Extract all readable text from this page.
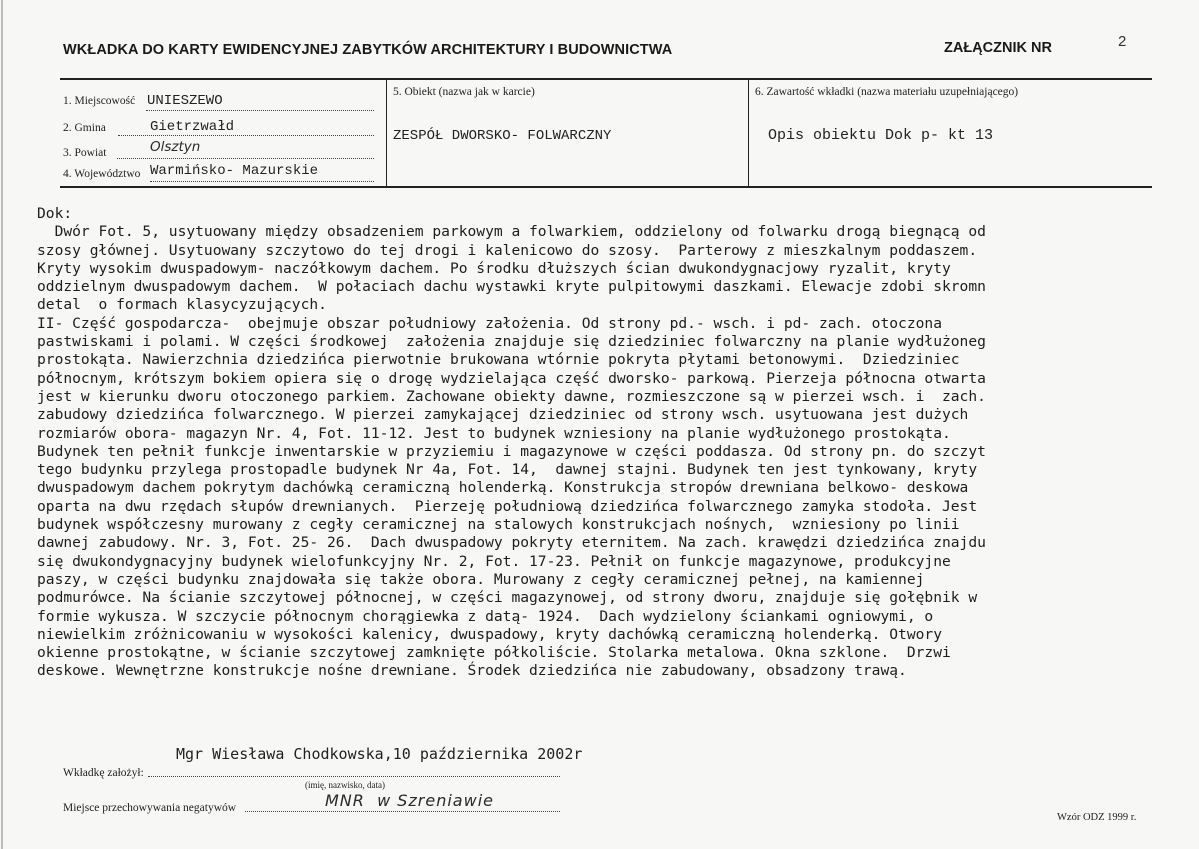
WKŁADKA DO KARTY EWIDENCYJNEJ ZABYTKÓW ARCHITEKTURY I BUDOWNICTWA	ZAŁĄCZNIK NR	2
1. Miejscowość UNIESZEWO
2. Gmina	Gietrzwałd
3. Powiat	Olsztyn
4. Województwo Warmińsko- Mazurskie
5. Obiekt (nazwa jak w karcie)
ZESPÓŁ DWORSKO- FOLWARCZNY
6. Zawartość wkładki (nazwa materiału uzupełniającego)
Opis obiektu Dok p- kt 13
Dok:
Dwór Fot. 5, usytuowany między obsadzeniem parkowym a folwarkiem, oddzielony od folwarku drogą biegnącą od
szosy głównej. Usytuowany szczytowo do tej drogi i kalenicowo do szosy.  Parterowy z mieszkalnym poddaszem.
Kryty wysokim dwuspadowym- naczółkowym dachem. Po środku dłuższych ścian dwukondygnacjowy ryzalit, kryty
oddzielnym dwuspadowym dachem.  W połaciach dachu wystawki kryte pulpitowymi daszkami. Elewacje zdobi skromn
detal  o formach klasycyzujących.
II- Część gospodarcza-  obejmuje obszar południowy założenia. Od strony pd.- wsch. i pd- zach. otoczona
pastwiskami i polami. W części środkowej  założenia znajduje się dziedziniec folwarczny na planie wydłużoneg
prostokąta. Nawierzchnia dziedzińca pierwotnie brukowana wtórnie pokryta płytami betonowymi.  Dziedziniec
północnym, krótszym bokiem opiera się o drogę wydzielająca część dworsko- parkową. Pierzeja północna otwarta
jest w kierunku dworu otoczonego parkiem. Zachowane obiekty dawne, rozmieszczone są w pierzei wsch. i  zach.
zabudowy dziedzińca folwarcznego. W pierzei zamykającej dziedziniec od strony wsch. usytuowana jest dużych
rozmiarów obora- magazyn Nr. 4, Fot. 11-12. Jest to budynek wzniesiony na planie wydłużonego prostokąta.
Budynek ten pełnił funkcje inwentarskie w przyziemiu i magazynowe w części poddasza. Od strony pn. do szczyt
tego budynku przylega prostopadle budynek Nr 4a, Fot. 14,  dawnej stajni. Budynek ten jest tynkowany, kryty
dwuspadowym dachem pokrytym dachówką ceramiczną holenderką. Konstrukcja stropów drewniana belkowo- deskowa
oparta na dwu rzędach słupów drewnianych.  Pierzeję południową dziedzińca folwarcznego zamyka stodoła. Jest
budynek współczesny murowany z cegły ceramicznej na stalowych konstrukcjach nośnych,  wzniesiony po linii
dawnej zabudowy. Nr. 3, Fot. 25- 26.  Dach dwuspadowy pokryty eternitem. Na zach. krawędzi dziedzińca znajdu
się dwukondygnacyjny budynek wielofunkcyjny Nr. 2, Fot. 17-23. Pełnił on funkcje magazynowe, produkcyjne
paszy, w części budynku znajdowała się także obora. Murowany z cegły ceramicznej pełnej, na kamiennej
podmurówce. Na ścianie szczytowej północnej, w części magazynowej, od strony dworu, znajduje się gołębnik w
formie wykusza. W szczycie północnym chorągiewka z datą- 1924.  Dach wydzielony ściankami ogniowymi, o
niewielkim zróżnicowaniu w wysokości kalenicy, dwuspadowy, kryty dachówką ceramiczną holenderką. Otwory
okienne prostokątne, w ścianie szczytowej zamknięte półkoliście. Stolarka metalowa. Okna szklone.  Drzwi
deskowe. Wewnętrzne konstrukcje nośne drewniane. Środek dziedzińca nie zabudowany, obsadzony trawą.
Mgr Wiesława Chodkowska,10 października 2002r
Wkładkę założył:
(imię, nazwisko, data)
Miejsce przechowywania negatywów	MNR  w Szreniawie
Wzór ODZ 1999 r.
